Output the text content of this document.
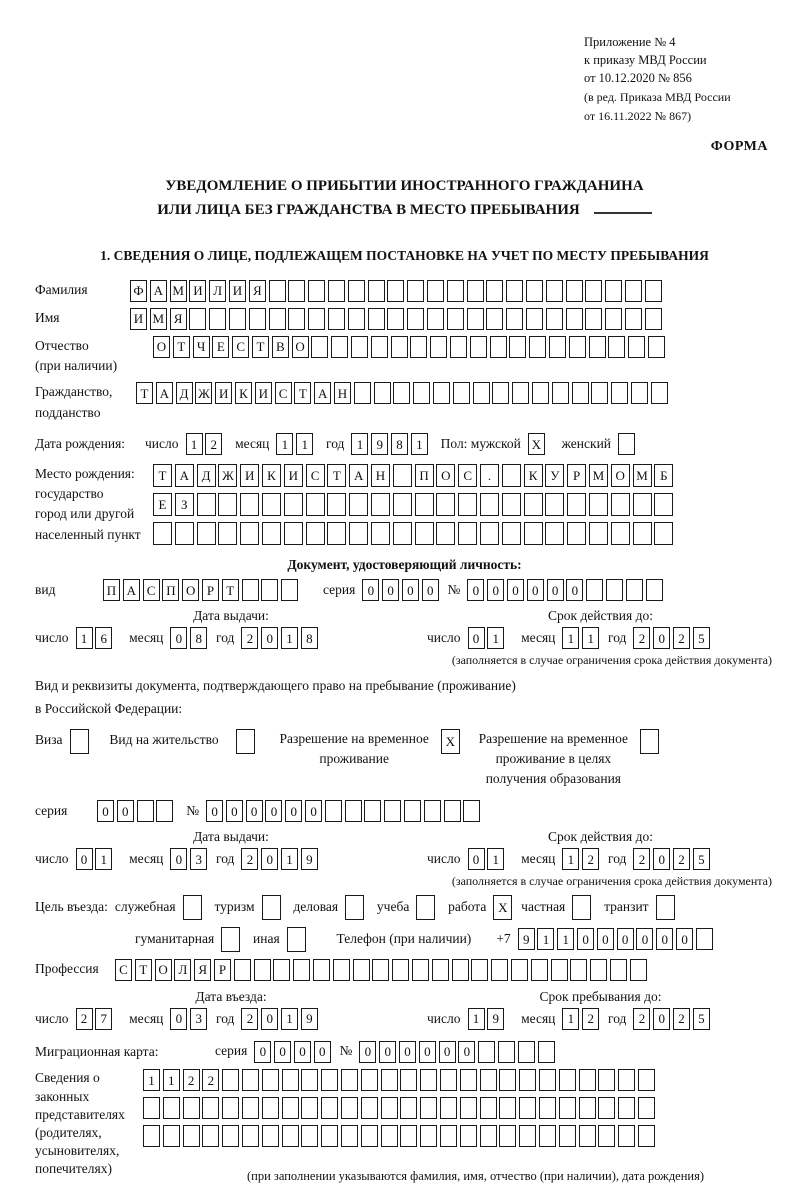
Приложение № 4
к приказу МВД России
от 10.12.2020 № 856
(в ред. Приказа МВД России
от 16.11.2022 № 867)
ФОРМА
УВЕДОМЛЕНИЕ О ПРИБЫТИИ ИНОСТРАННОГО ГРАЖДАНИНА
ИЛИ ЛИЦА БЕЗ ГРАЖДАНСТВА В МЕСТО ПРЕБЫВАНИЯ
1. СВЕДЕНИЯ О ЛИЦЕ, ПОДЛЕЖАЩЕМ ПОСТАНОВКЕ НА УЧЕТ ПО МЕСТУ ПРЕБЫВАНИЯ
Фамилия	Ф А М И Л И Я
Имя	И М Я
Отчество
(при наличии)
О Т Ч Е С Т В О
Гражданство,
подданство
Т А Д Ж И К И С Т А Н
Дата рождения:	число 1	2	месяц 1	1	год 1	9	8	1	Пол: мужской X женский
Место рождения:
государство
город или другой
населенный пункт
Т	А Д Ж И К И С	Т	А Н	П О С	.	К У	Р М О М Б

Е	З

Документ, удостоверяющий личность:
вид	П А С П О Р Т	серия 0	0	0	0	№ 0	0	0	0	0	0
Дата выдачи:
число 1	6	месяц 0	8	год 2	0	1	8
Срок действия до:
число 0	1	месяц 1	1	год 2	0	2	5
(заполняется в случае ограничения срока действия документа)
Вид и реквизиты документа, подтверждающего право на пребывание (проживание)
в Российской Федерации:
Виза	Вид на жительство	Разрешение на временное
проживание
X	Разрешение на временное
проживание в целях
получения образования
серия	0	0	№ 0	0	0	0	0	0
Дата выдачи:
число 0	1	месяц 0	3	год 2	0	1	9
Срок действия до:
число 0	1	месяц 1	2	год 2	0	2	5
(заполняется в случае ограничения срока действия документа)
Цель въезда: служебная	туризм	деловая	учеба	работа X	частная	транзит
гуманитарная	иная	Телефон (при наличии) +7 9	1	1	0	0	0	0	0	0
Профессия	С Т О Л Я Р
Дата въезда:
число 2	7	месяц 0	3	год 2	0	1	9
Срок пребывания до:
число 1	9	месяц 1	2	год 2	0	2	5
Миграционная карта:	серия 0	0	0	0	№ 0	0	0	0	0	0
Сведения о
законных
представителях
(родителях,
усыновителях,
попечителях)
1	1	2	2

(при заполнении указываются фамилия, имя, отчество (при наличии), дата рождения)
